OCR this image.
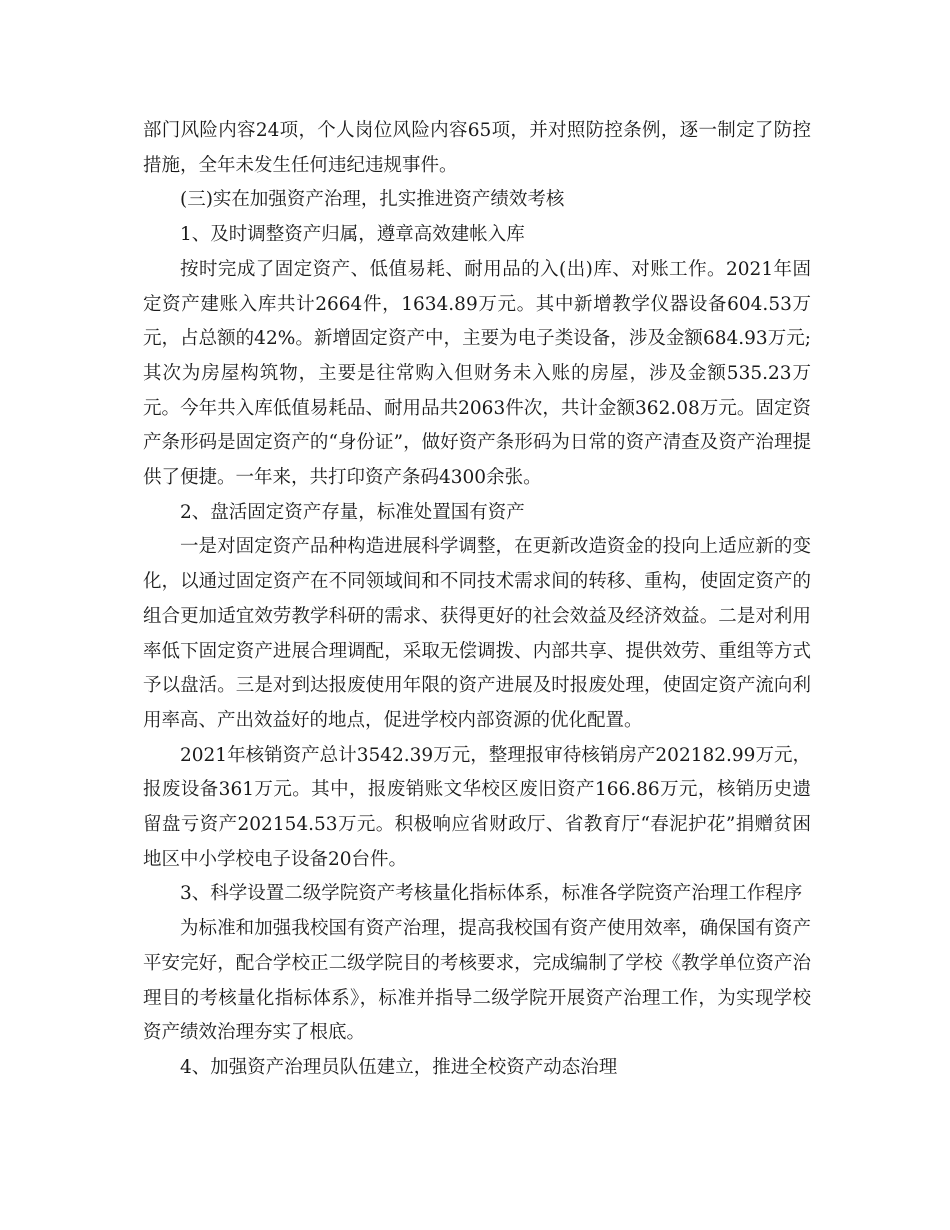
部门风险内容24项，个人岗位风险内容65项，并对照防控条例，逐一制定了防控措施，全年未发生任何违纪违规事件。

(三)实在加强资产治理，扎实推进资产绩效考核

1、及时调整资产归属，遵章高效建帐入库

按时完成了固定资产、低值易耗、耐用品的入(出)库、对账工作。2021年固定资产建账入库共计2664件，1634.89万元。其中新增教学仪器设备604.53万元，占总额的42%。新增固定资产中，主要为电子类设备，涉及金额684.93万元;其次为房屋构筑物，主要是往常购入但财务未入账的房屋，涉及金额535.23万元。今年共入库低值易耗品、耐用品共2063件次，共计金额362.08万元。固定资产条形码是固定资产的“身份证”，做好资产条形码为日常的资产清查及资产治理提供了便捷。一年来，共打印资产条码4300余张。

2、盘活固定资产存量，标准处置国有资产

一是对固定资产品种构造进展科学调整，在更新改造资金的投向上适应新的变化，以通过固定资产在不同领域间和不同技术需求间的转移、重构，使固定资产的组合更加适宜效劳教学科研的需求、获得更好的社会效益及经济效益。二是对利用率低下固定资产进展合理调配，采取无偿调拨、内部共享、提供效劳、重组等方式予以盘活。三是对到达报废使用年限的资产进展及时报废处理，使固定资产流向利用率高、产出效益好的地点，促进学校内部资源的优化配置。

2021年核销资产总计3542.39万元，整理报审待核销房产202182.99万元，报废设备361万元。其中，报废销账文华校区废旧资产166.86万元，核销历史遗留盘亏资产202154.53万元。积极响应省财政厅、省教育厅“春泥护花”捐赠贫困地区中小学校电子设备20台件。

3、科学设置二级学院资产考核量化指标体系，标准各学院资产治理工作程序

为标准和加强我校国有资产治理，提高我校国有资产使用效率，确保国有资产平安完好，配合学校正二级学院目的考核要求，完成编制了学校《教学单位资产治理目的考核量化指标体系》，标准并指导二级学院开展资产治理工作，为实现学校资产绩效治理夯实了根底。

4、加强资产治理员队伍建立，推进全校资产动态治理
